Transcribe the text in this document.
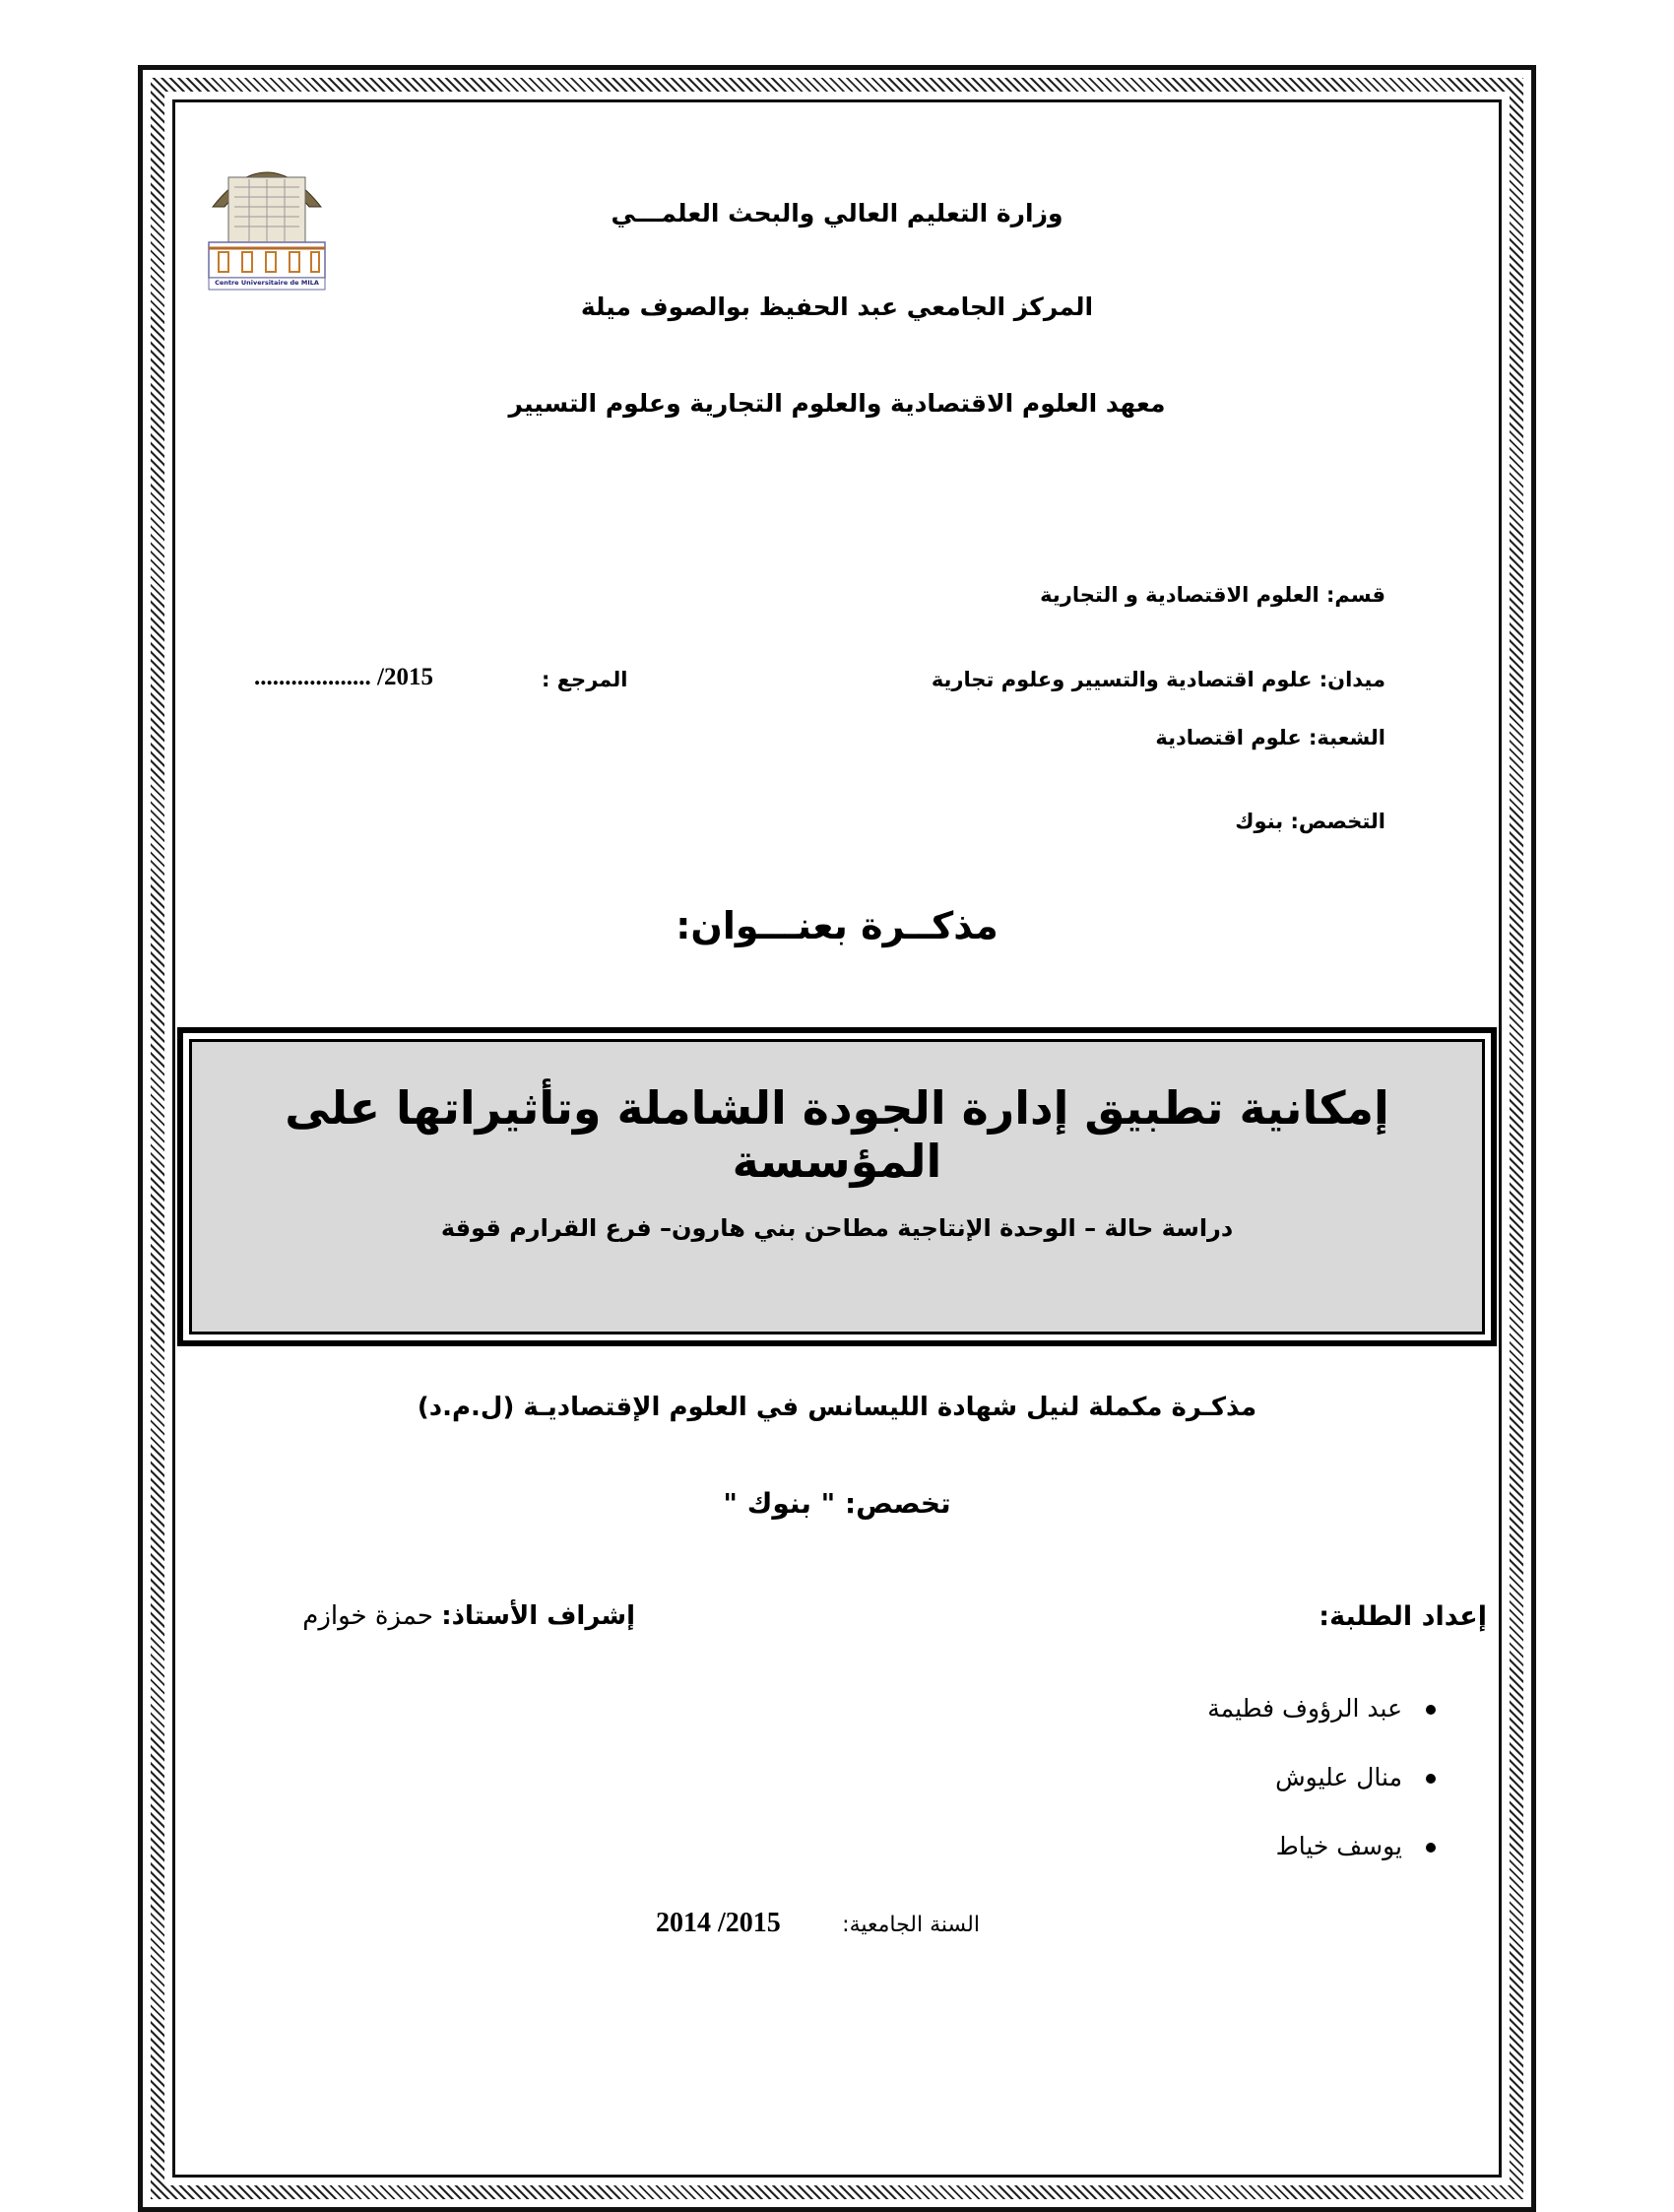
Centre Universitaire de MILA
وزارة التعليم العالي والبحث العلمـــي
المركز الجامعي عبد الحفيظ بوالصوف ميلة
معهد العلوم الاقتصادية والعلوم التجارية وعلوم التسيير
قسم: العلوم الاقتصادية و التجارية
ميدان: علوم اقتصادية والتسيير وعلوم تجارية
المرجع :
................... /2015
الشعبة: علوم اقتصادية
التخصص: بنوك
مذكــرة بعنـــوان:
إمكانية تطبيق إدارة الجودة الشاملة وتأثيراتها على المؤسسة
دراسة حالة – الوحدة الإنتاجية مطاحن بني هارون– فرع القرارم قوقة
مذكـرة مكملة لنيل شهادة الليسانس في العلوم الإقتصاديـة (ل.م.د)
تخصص: " بنوك "
إعداد الطلبة:
إشراف الأستاذ: حمزة خوازم
عبد الرؤوف فطيمة
منال عليوش
يوسف خياط
السنة الجامعية:
2014 /2015
